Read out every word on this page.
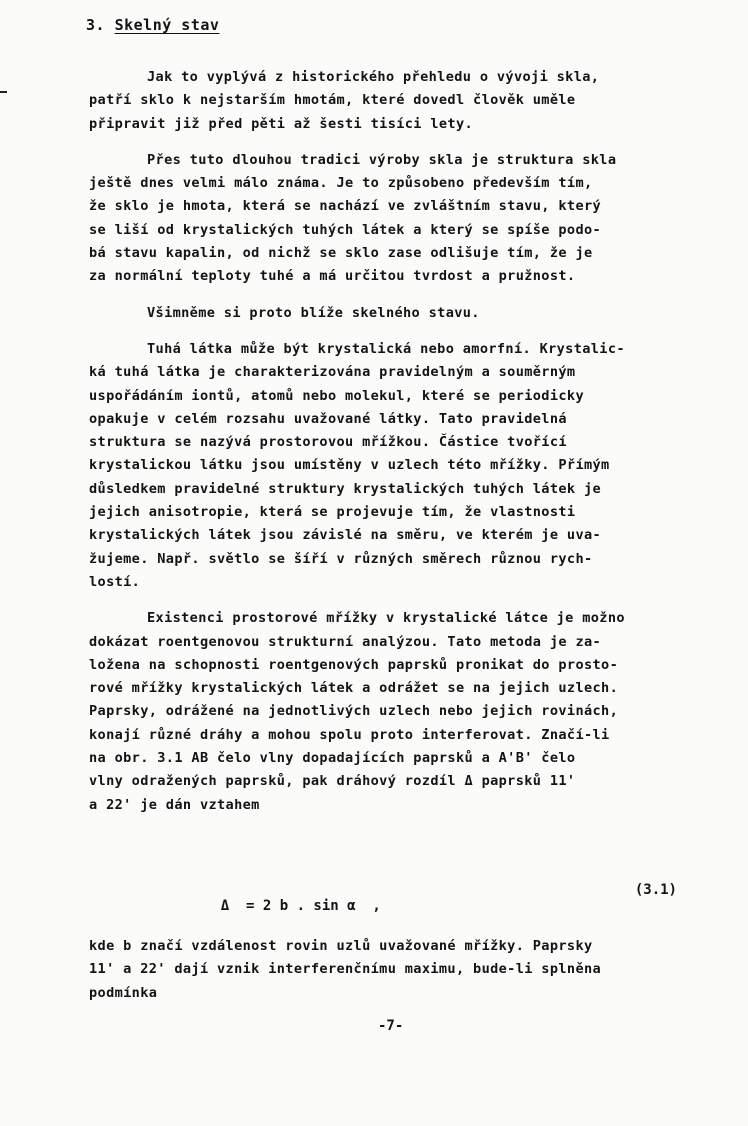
3. Skelný stav
Jak to vyplývá z historického přehledu o vývoji skla,
patří sklo k nejstarším hmotám, které dovedl člověk uměle
připravit již před pěti až šesti tisíci lety.
Přes tuto dlouhou tradici výroby skla je struktura skla
ještě dnes velmi málo známa. Je to způsobeno především tím,
že sklo je hmota, která se nachází ve zvláštním stavu, který
se liší od krystalických tuhých látek a který se spíše podo-
bá stavu kapalin, od nichž se sklo zase odlišuje tím, že je
za normální teploty tuhé a má určitou tvrdost a pružnost.
Všimněme si proto blíže skelného stavu.
Tuhá látka může být krystalická nebo amorfní. Krystalic-
ká tuhá látka je charakterizována pravidelným a souměrným
uspořádáním iontů, atomů nebo molekul, které se periodicky
opakuje v celém rozsahu uvažované látky. Tato pravidelná
struktura se nazývá prostorovou mřížkou. Částice tvořící
krystalickou látku jsou umístěny v uzlech této mřížky. Přímým
důsledkem pravidelné struktury krystalických tuhých látek je
jejich anisotropie, která se projevuje tím, že vlastnosti
krystalických látek jsou závislé na směru, ve kterém je uva-
žujeme. Např. světlo se šíří v různých směrech různou rych-
lostí.
Existenci prostorové mřížky v krystalické látce je možno
dokázat roentgenovou strukturní analýzou. Tato metoda je za-
ložena na schopnosti roentgenových paprsků pronikat do prosto-
rové mřížky krystalických látek a odrážet se na jejich uzlech.
Paprsky, odrážené na jednotlivých uzlech nebo jejich rovinách,
konají různé dráhy a mohou spolu proto interferovat. Značí-li
na obr. 3.1 AB čelo vlny dopadajících paprsků a A'B' čelo
vlny odražených paprsků, pak dráhový rozdíl Δ paprsků 11'
a 22' je dán vztahem

Δ  = 2 b . sin α  ,

(3.1)

kde b značí vzdálenost rovin uzlů uvažované mřížky. Paprsky
11' a 22' dají vznik interferenčnímu maximu, bude-li splněna
podmínka
-7-
